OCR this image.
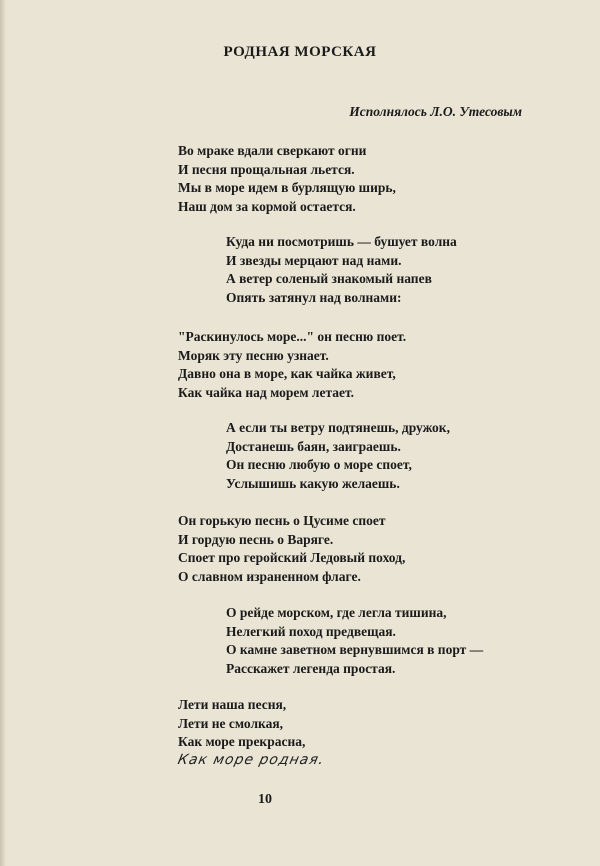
РОДНАЯ МОРСКАЯ
Исполнялось Л.О. Утесовым
Во мраке вдали сверкают огни
И песня прощальная льется.
Мы в море идем в бурлящую ширь,
Наш дом за кормой остается.
Куда ни посмотришь — бушует волна
И звезды мерцают над нами.
А ветер соленый знакомый напев
Опять затянул над волнами:
"Раскинулось море..." он песню поет.
Моряк эту песню узнает.
Давно она в море, как чайка живет,
Как чайка над морем летает.
А если ты ветру подтянешь, дружок,
Достанешь баян, заиграешь.
Он песню любую о море споет,
Услышишь какую желаешь.
Он горькую песнь о Цусиме споет
И гордую песнь о Варяге.
Споет про геройский Ледовый поход,
О славном израненном флаге.
О рейде морском, где легла тишина,
Нелегкий поход предвещая.
О камне заветном вернувшимся в порт —
Расскажет легенда простая.
Лети наша песня,
Лети не смолкая,
Как море прекрасна,
Как море родная.
10
